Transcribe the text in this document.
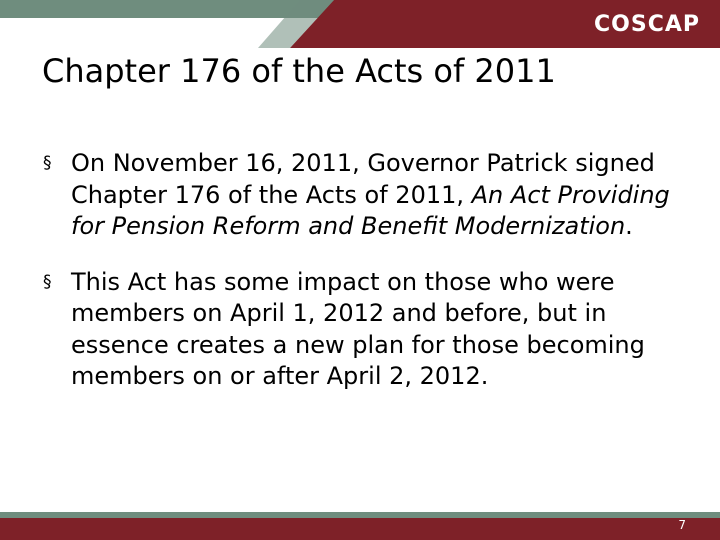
COSCAP
Chapter 176 of the Acts of 2011
§ On November 16, 2011, Governor Patrick signed Chapter 176 of the Acts of 2011, An Act Providing for Pension Reform and Benefit Modernization.
§ This Act has some impact on those who were members on April 1, 2012 and before, but in essence creates a new plan for those becoming members on or after April 2, 2012.
7
